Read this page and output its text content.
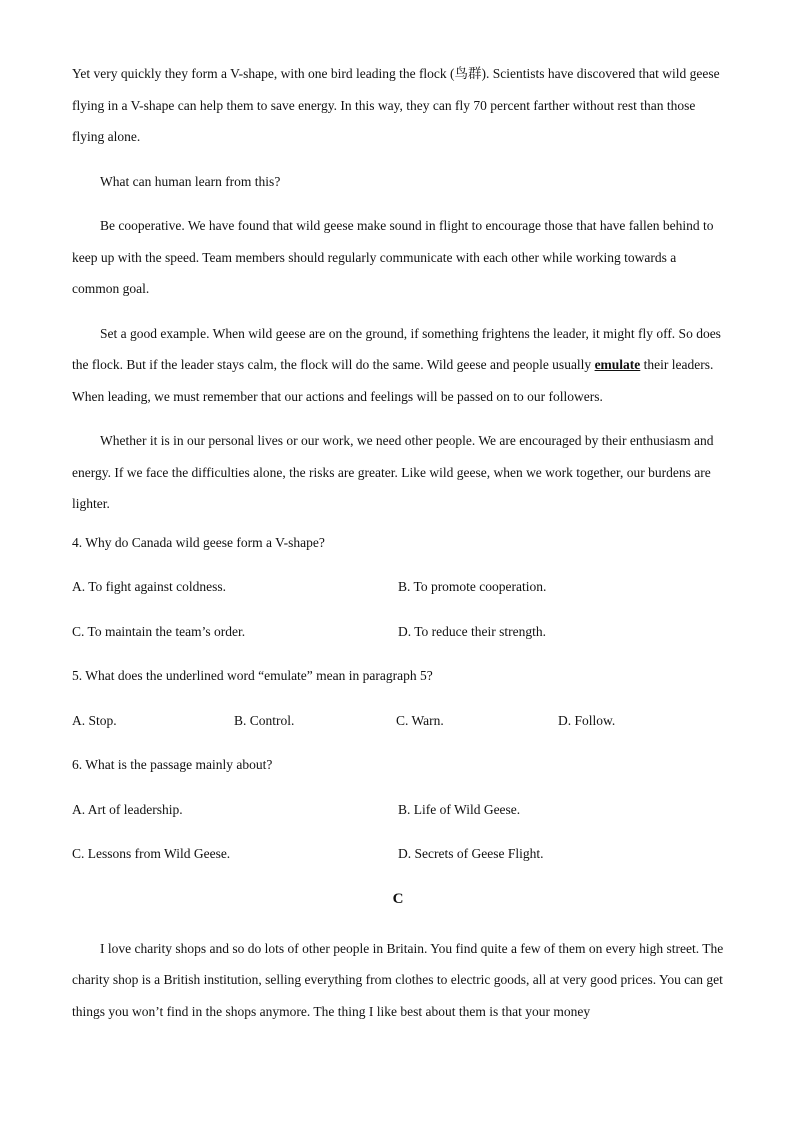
Yet very quickly they form a V-shape, with one bird leading the flock (鸟群). Scientists have discovered that wild geese flying in a V-shape can help them to save energy. In this way, they can fly 70 percent farther without rest than those flying alone.

What can human learn from this?

Be cooperative. We have found that wild geese make sound in flight to encourage those that have fallen behind to keep up with the speed. Team members should regularly communicate with each other while working towards a common goal.

Set a good example. When wild geese are on the ground, if something frightens the leader, it might fly off. So does the flock. But if the leader stays calm, the flock will do the same. Wild geese and people usually emulate their leaders. When leading, we must remember that our actions and feelings will be passed on to our followers.

Whether it is in our personal lives or our work, we need other people. We are encouraged by their enthusiasm and energy. If we face the difficulties alone, the risks are greater. Like wild geese, when we work together, our burdens are lighter.

4. Why do Canada wild geese form a V-shape?

A. To fight against coldness.	B. To promote cooperation.
C. To maintain the team’s order.	D. To reduce their strength.

5. What does the underlined word “emulate” mean in paragraph 5?

A. Stop.	B. Control.	C. Warn.	D. Follow.

6. What is the passage mainly about?

A. Art of leadership.	B. Life of Wild Geese.
C. Lessons from Wild Geese.	D. Secrets of Geese Flight.

C

I love charity shops and so do lots of other people in Britain. You find quite a few of them on every high street. The charity shop is a British institution, selling everything from clothes to electric goods, all at very good prices. You can get things you won’t find in the shops anymore. The thing I like best about them is that your money
